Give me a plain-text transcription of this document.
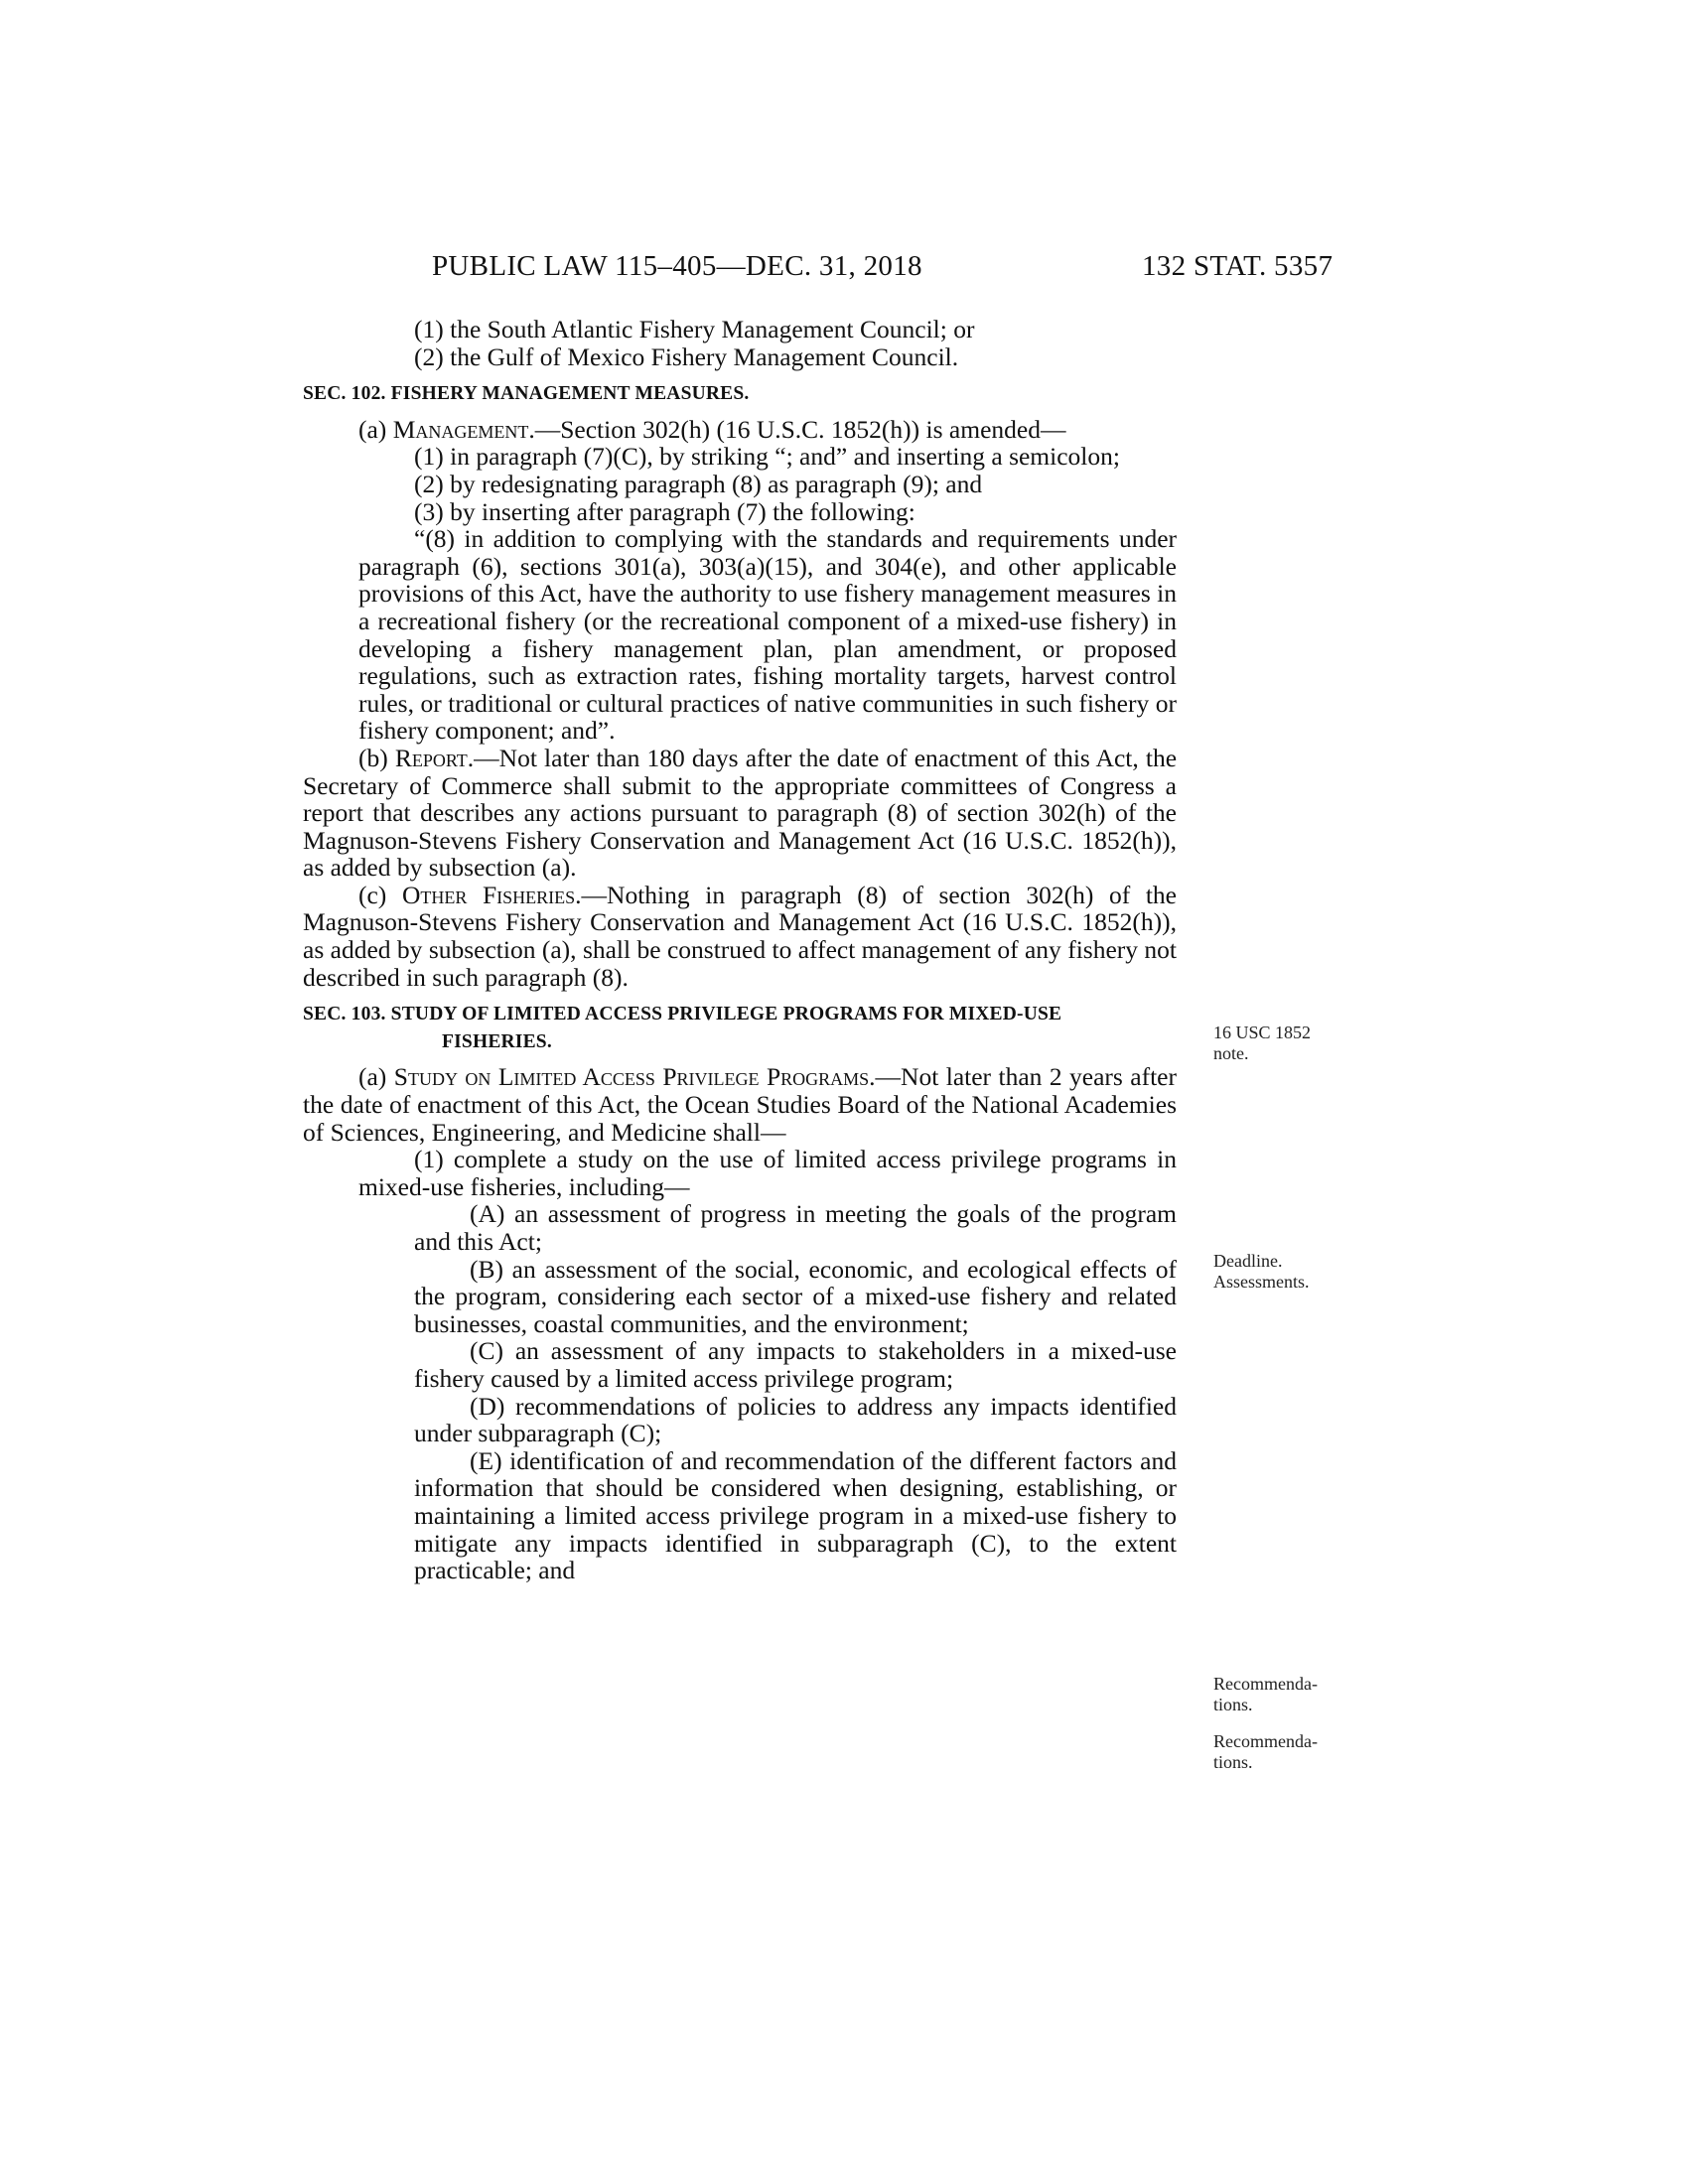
PUBLIC LAW 115–405—DEC. 31, 2018	132 STAT. 5357

(1) the South Atlantic Fishery Management Council; or

(2) the Gulf of Mexico Fishery Management Council.

SEC. 102. FISHERY MANAGEMENT MEASURES.

(a) Management.—Section 302(h) (16 U.S.C. 1852(h)) is amended—

(1) in paragraph (7)(C), by striking “; and” and inserting a semicolon;

(2) by redesignating paragraph (8) as paragraph (9); and

(3) by inserting after paragraph (7) the following:

“(8) in addition to complying with the standards and requirements under paragraph (6), sections 301(a), 303(a)(15), and 304(e), and other applicable provisions of this Act, have the authority to use fishery management measures in a recreational fishery (or the recreational component of a mixed-use fishery) in developing a fishery management plan, plan amendment, or proposed regulations, such as extraction rates, fishing mortality targets, harvest control rules, or traditional or cultural practices of native communities in such fishery or fishery component; and”.

(b) Report.—Not later than 180 days after the date of enactment of this Act, the Secretary of Commerce shall submit to the appropriate committees of Congress a report that describes any actions pursuant to paragraph (8) of section 302(h) of the Magnuson-Stevens Fishery Conservation and Management Act (16 U.S.C. 1852(h)), as added by subsection (a).

(c) Other Fisheries.—Nothing in paragraph (8) of section 302(h) of the Magnuson-Stevens Fishery Conservation and Management Act (16 U.S.C. 1852(h)), as added by subsection (a), shall be construed to affect management of any fishery not described in such paragraph (8).

SEC. 103. STUDY OF LIMITED ACCESS PRIVILEGE PROGRAMS FOR MIXED-USE FISHERIES.

(a) Study on Limited Access Privilege Programs.—Not later than 2 years after the date of enactment of this Act, the Ocean Studies Board of the National Academies of Sciences, Engineering, and Medicine shall—

(1) complete a study on the use of limited access privilege programs in mixed-use fisheries, including—

(A) an assessment of progress in meeting the goals of the program and this Act;

(B) an assessment of the social, economic, and ecological effects of the program, considering each sector of a mixed-use fishery and related businesses, coastal communities, and the environment;

(C) an assessment of any impacts to stakeholders in a mixed-use fishery caused by a limited access privilege program;

(D) recommendations of policies to address any impacts identified under subparagraph (C);

(E) identification of and recommendation of the different factors and information that should be considered when designing, establishing, or maintaining a limited access privilege program in a mixed-use fishery to mitigate any impacts identified in subparagraph (C), to the extent practicable; and

16 USC 1852
note.
Deadline.
Assessments.
Recommenda-
tions.
Recommenda-
tions.
